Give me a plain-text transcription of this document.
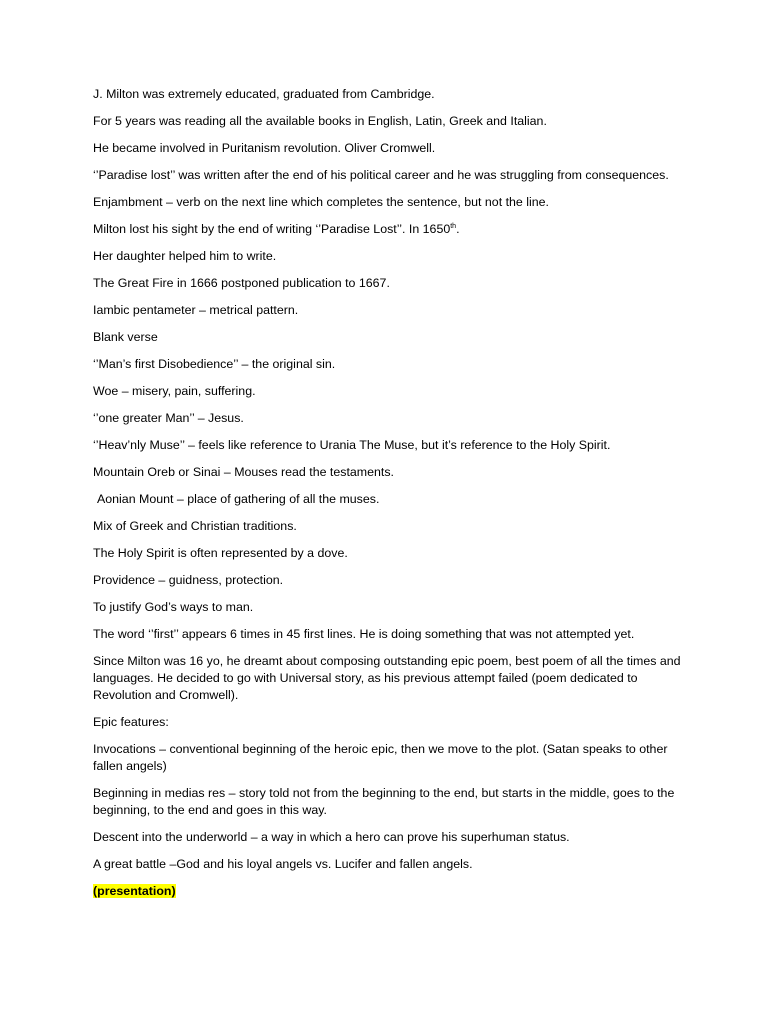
J. Milton was extremely educated, graduated from Cambridge.

For 5 years was reading all the available books in English, Latin, Greek and Italian.

He became involved in Puritanism revolution. Oliver Cromwell.

‘’Paradise lost’’ was written after the end of his political career and he was struggling from consequences.

Enjambment – verb on the next line which completes the sentence, but not the line.

Milton lost his sight by the end of writing ‘’Paradise Lost’’. In 1650th.

Her daughter helped him to write.

The Great Fire in 1666 postponed publication to 1667.

Iambic pentameter – metrical pattern.

Blank verse

‘’Man’s first Disobedience’’ – the original sin.

Woe – misery, pain, suffering.

‘’one greater Man’’ – Jesus.

‘’Heav’nly Muse’’ – feels like reference to Urania The Muse, but it’s reference to the Holy Spirit.

Mountain Oreb or Sinai – Mouses read the testaments.

Aonian Mount – place of gathering of all the muses.

Mix of Greek and Christian traditions.

The Holy Spirit is often represented by a dove.

Providence – guidness, protection.

To justify God’s ways to man.

The word ‘’first’’ appears 6 times in 45 first lines. He is doing something that was not attempted yet.

Since Milton was 16 yo, he dreamt about composing outstanding epic poem, best poem of all the times and languages. He decided to go with Universal story, as his previous attempt failed (poem dedicated to Revolution and Cromwell).

Epic features:

Invocations – conventional beginning of the heroic epic, then we move to the plot. (Satan speaks to other fallen angels)

Beginning in medias res – story told not from the beginning to the end, but starts in the middle, goes to the beginning, to the end and goes in this way.

Descent into the underworld – a way in which a hero can prove his superhuman status.

A great battle –God and his loyal angels vs. Lucifer and fallen angels.

(presentation)
